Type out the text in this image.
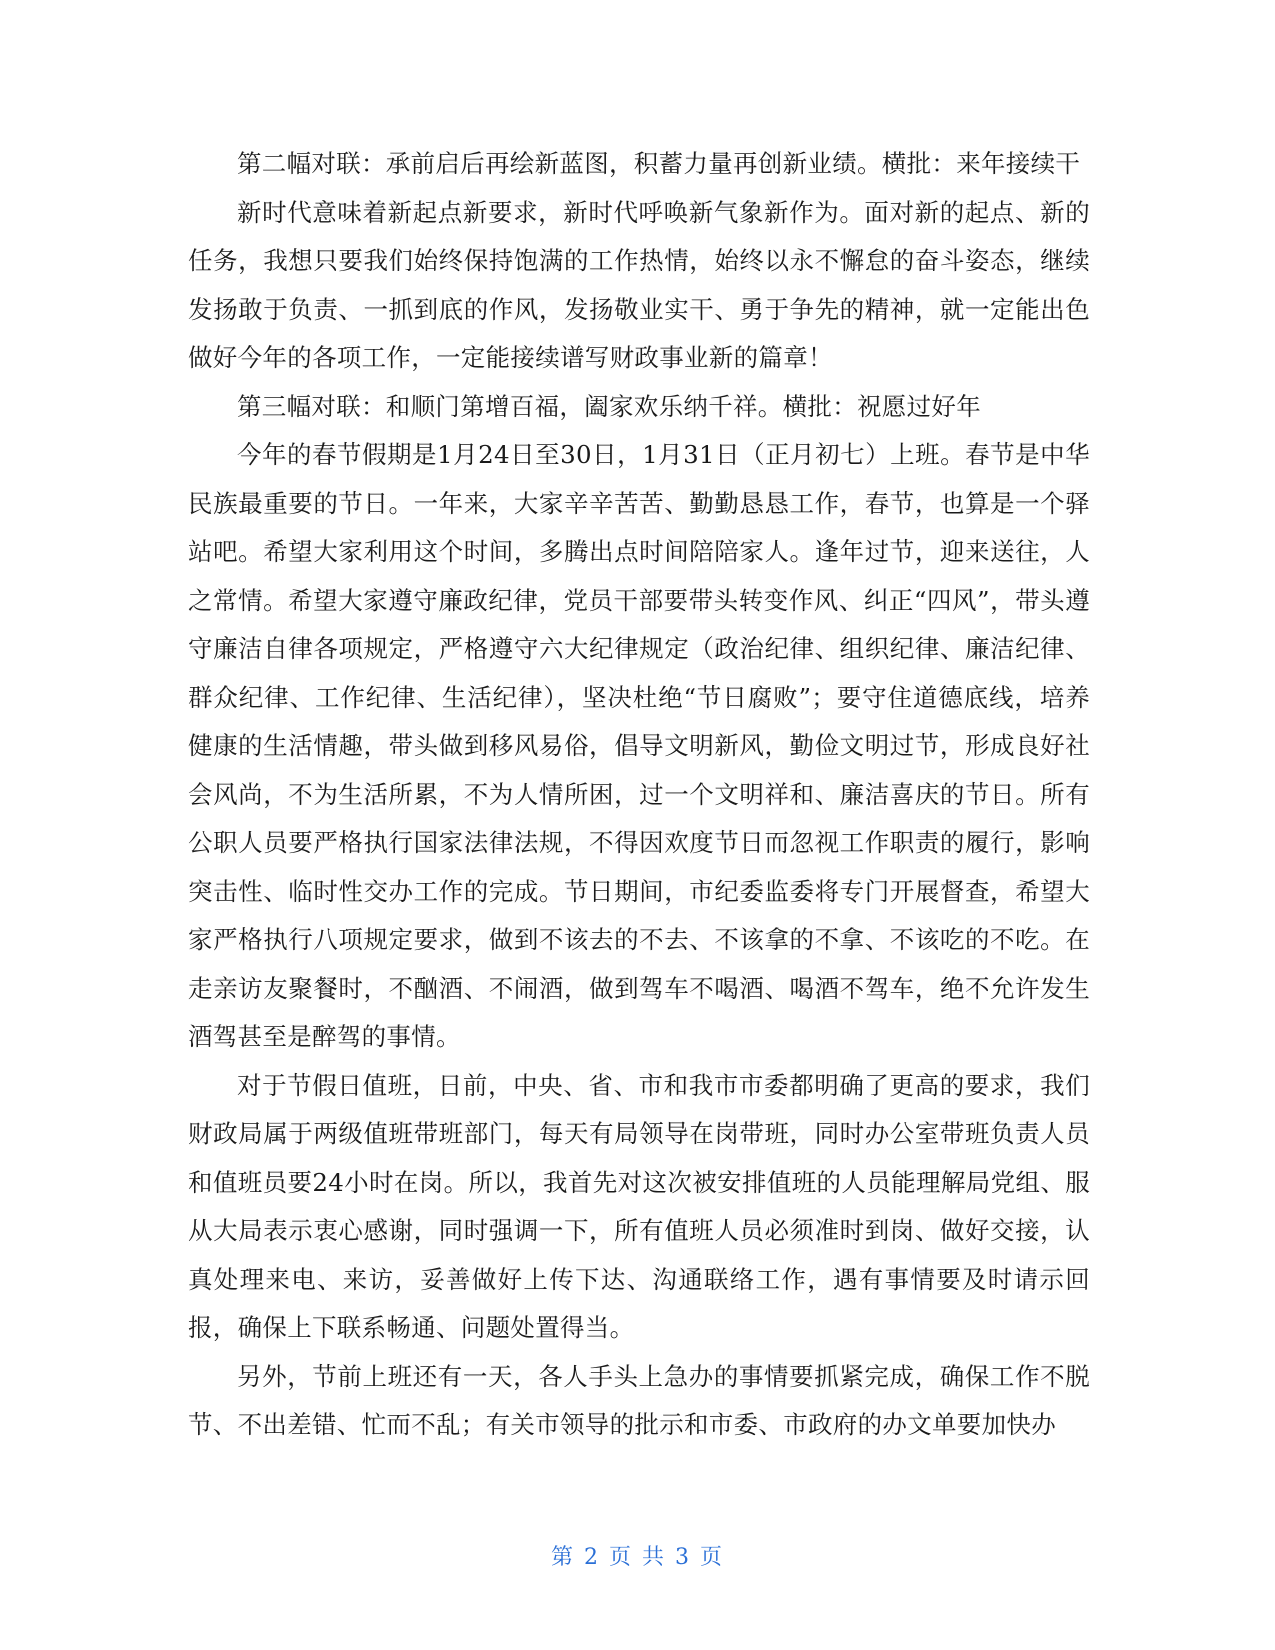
第二幅对联：承前启后再绘新蓝图，积蓄力量再创新业绩。横批：来年接续干

新时代意味着新起点新要求，新时代呼唤新气象新作为。面对新的起点、新的任务，我想只要我们始终保持饱满的工作热情，始终以永不懈怠的奋斗姿态，继续发扬敢于负责、一抓到底的作风，发扬敬业实干、勇于争先的精神，就一定能出色做好今年的各项工作，一定能接续谱写财政事业新的篇章！

第三幅对联：和顺门第增百福，阖家欢乐纳千祥。横批：祝愿过好年

今年的春节假期是1月24日至30日，1月31日（正月初七）上班。春节是中华民族最重要的节日。一年来，大家辛辛苦苦、勤勤恳恳工作，春节，也算是一个驿站吧。希望大家利用这个时间，多腾出点时间陪陪家人。逢年过节，迎来送往，人之常情。希望大家遵守廉政纪律，党员干部要带头转变作风、纠正“四风”，带头遵守廉洁自律各项规定，严格遵守六大纪律规定（政治纪律、组织纪律、廉洁纪律、群众纪律、工作纪律、生活纪律），坚决杜绝“节日腐败”；要守住道德底线，培养健康的生活情趣，带头做到移风易俗，倡导文明新风，勤俭文明过节，形成良好社会风尚，不为生活所累，不为人情所困，过一个文明祥和、廉洁喜庆的节日。所有公职人员要严格执行国家法律法规，不得因欢度节日而忽视工作职责的履行，影响突击性、临时性交办工作的完成。节日期间，市纪委监委将专门开展督查，希望大家严格执行八项规定要求，做到不该去的不去、不该拿的不拿、不该吃的不吃。在走亲访友聚餐时，不酗酒、不闹酒，做到驾车不喝酒、喝酒不驾车，绝不允许发生酒驾甚至是醉驾的事情。

对于节假日值班，日前，中央、省、市和我市市委都明确了更高的要求，我们财政局属于两级值班带班部门，每天有局领导在岗带班，同时办公室带班负责人员和值班员要24小时在岗。所以，我首先对这次被安排值班的人员能理解局党组、服从大局表示衷心感谢，同时强调一下，所有值班人员必须准时到岗、做好交接，认真处理来电、来访，妥善做好上传下达、沟通联络工作，遇有事情要及时请示回报，确保上下联系畅通、问题处置得当。

另外，节前上班还有一天，各人手头上急办的事情要抓紧完成，确保工作不脱节、不出差错、忙而不乱；有关市领导的批示和市委、市政府的办文单要加快办

第 2 页 共 3 页
